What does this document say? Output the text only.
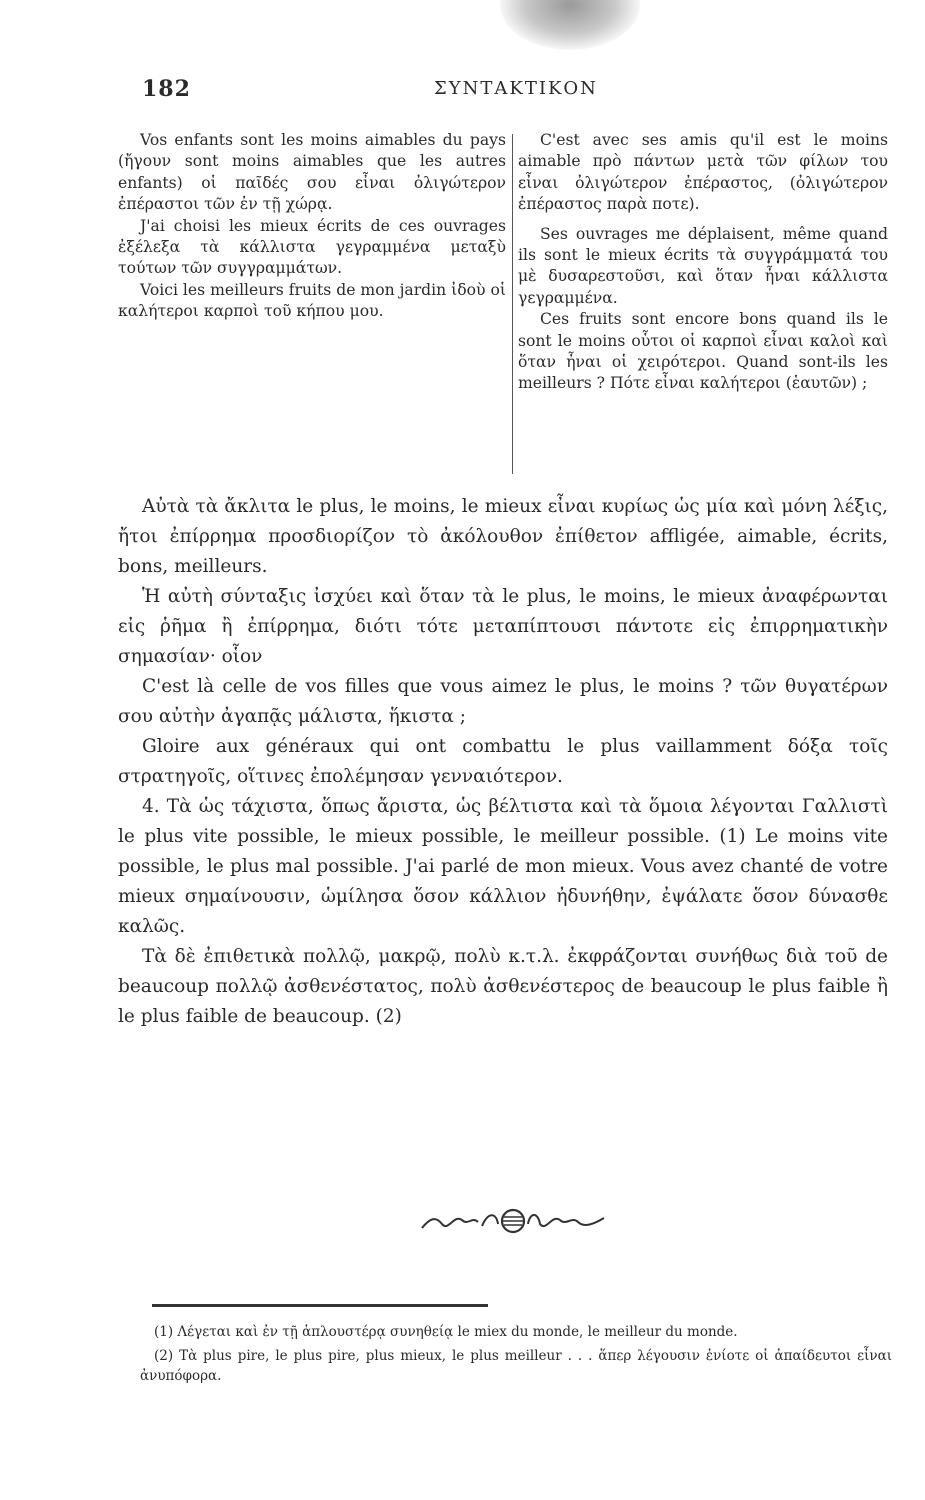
182	ΣΥΝΤΑΚΤΙΚΟΝ

Vos enfants sont les moins aimables du pays (ἤγουν sont moins aimables que les autres enfants) οἱ παῖδές σου εἶναι ὀλιγώτερον ἐπέραστοι τῶν ἐν τῇ χώρᾳ.

J'ai choisi les mieux écrits de ces ouvrages ἐξέλεξα τὰ κάλλιστα γεγραμμένα μεταξὺ τούτων τῶν συγγραμμάτων.

Voici les meilleurs fruits de mon jardin ἰδοὺ οἱ καλήτεροι καρποὶ τοῦ κήπου μου.

C'est avec ses amis qu'il est le moins aimable πρὸ πάντων μετὰ τῶν φίλων του εἶναι ὀλιγώτερον ἐπέραστος, (ὀλιγώτερον ἐπέραστος παρὰ ποτε).

Ses ouvrages me déplaisent, même quand ils sont le mieux écrits τὰ συγγράμματά του μὲ δυσαρεστοῦσι, καὶ ὅταν ἦναι κάλλιστα γεγραμμένα.

Ces fruits sont encore bons quand ils le sont le moins οὗτοι οἱ καρποὶ εἶναι καλοὶ καὶ ὅταν ἦναι οἱ χειρότεροι. Quand sont-ils les meilleurs ? Πότε εἶναι καλήτεροι (ἑαυτῶν) ;

Αὐτὰ τὰ ἄκλιτα le plus, le moins, le mieux εἶναι κυρίως ὡς μία καὶ μόνη λέξις, ἤτοι ἐπίρρημα προσδιορίζον τὸ ἀκόλουθον ἐπίθετον affligée, aimable, écrits, bons, meilleurs.

Ἡ αὐτὴ σύνταξις ἰσχύει καὶ ὅταν τὰ le plus, le moins, le mieux ἀναφέρωνται εἰς ῥῆμα ἢ ἐπίρρημα, διότι τότε μεταπίπτουσι πάντοτε εἰς ἐπιρρηματικὴν σημασίαν· οἷον

C'est là celle de vos filles que vous aimez le plus, le moins ? τῶν θυγατέρων σου αὐτὴν ἀγαπᾷς μάλιστα, ἥκιστα ;

Gloire aux généraux qui ont combattu le plus vaillamment δόξα τοῖς στρατηγοῖς, οἵτινες ἐπολέμησαν γενναιότερον.

4. Τὰ ὡς τάχιστα, ὅπως ἄριστα, ὡς βέλτιστα καὶ τὰ ὅμοια λέγονται Γαλλιστὶ le plus vite possible, le mieux possible, le meilleur possible. (1) Le moins vite possible, le plus mal possible. J'ai parlé de mon mieux. Vous avez chanté de votre mieux σημαίνουσιν, ὡμίλησα ὅσον κάλλιον ἠδυνήθην, ἐψάλατε ὅσον δύνασθε καλῶς.

Τὰ δὲ ἐπιθετικὰ πολλῷ, μακρῷ, πολὺ κ.τ.λ. ἐκφράζονται συνήθως διὰ τοῦ de beaucoup πολλῷ ἀσθενέστατος, πολὺ ἀσθενέστερος de beaucoup le plus faible ἢ le plus faible de beaucoup. (2)

(1) Λέγεται καὶ ἐν τῇ ἁπλουστέρᾳ συνηθείᾳ le miex du monde, le meilleur du monde.

(2) Τὰ plus pire, le plus pire, plus mieux, le plus meilleur . . . ἅπερ λέγουσιν ἐνίοτε οἱ ἀπαίδευτοι εἶναι ἀνυπόφορα.
